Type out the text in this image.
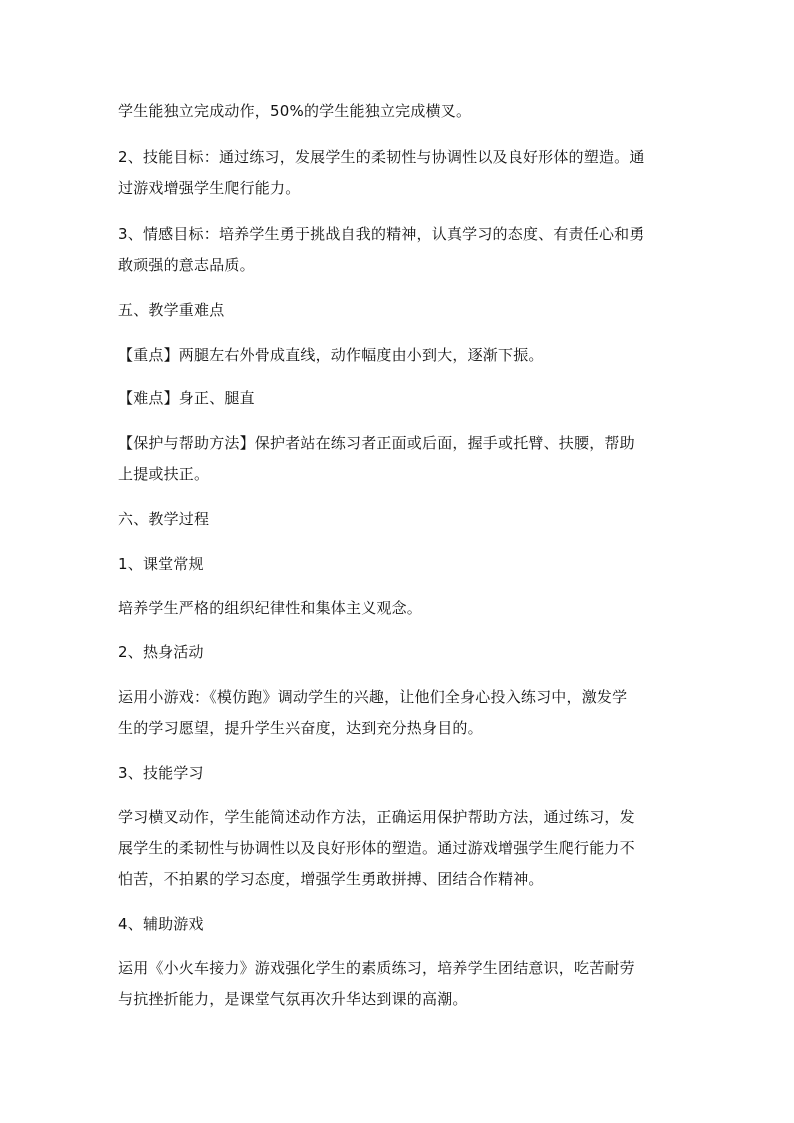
学生能独立完成动作，50%的学生能独立完成横叉。
2、技能目标：通过练习，发展学生的柔韧性与协调性以及良好形体的塑造。通
过游戏增强学生爬行能力。
3、情感目标：培养学生勇于挑战自我的精神，认真学习的态度、有责任心和勇
敢顽强的意志品质。
五、教学重难点
【重点】两腿左右外骨成直线，动作幅度由小到大，逐渐下振。
【难点】身正、腿直
【保护与帮助方法】保护者站在练习者正面或后面，握手或托臂、扶腰，帮助
上提或扶正。
六、教学过程
1、课堂常规
培养学生严格的组织纪律性和集体主义观念。
2、热身活动
运用小游戏：《模仿跑》调动学生的兴趣，让他们全身心投入练习中，激发学
生的学习愿望，提升学生兴奋度，达到充分热身目的。
3、技能学习
学习横叉动作，学生能简述动作方法，正确运用保护帮助方法，通过练习，发
展学生的柔韧性与协调性以及良好形体的塑造。通过游戏增强学生爬行能力不
怕苦，不拍累的学习态度，增强学生勇敢拼搏、团结合作精神。
4、辅助游戏
运用《小火车接力》游戏强化学生的素质练习，培养学生团结意识，吃苦耐劳
与抗挫折能力，是课堂气氛再次升华达到课的高潮。
